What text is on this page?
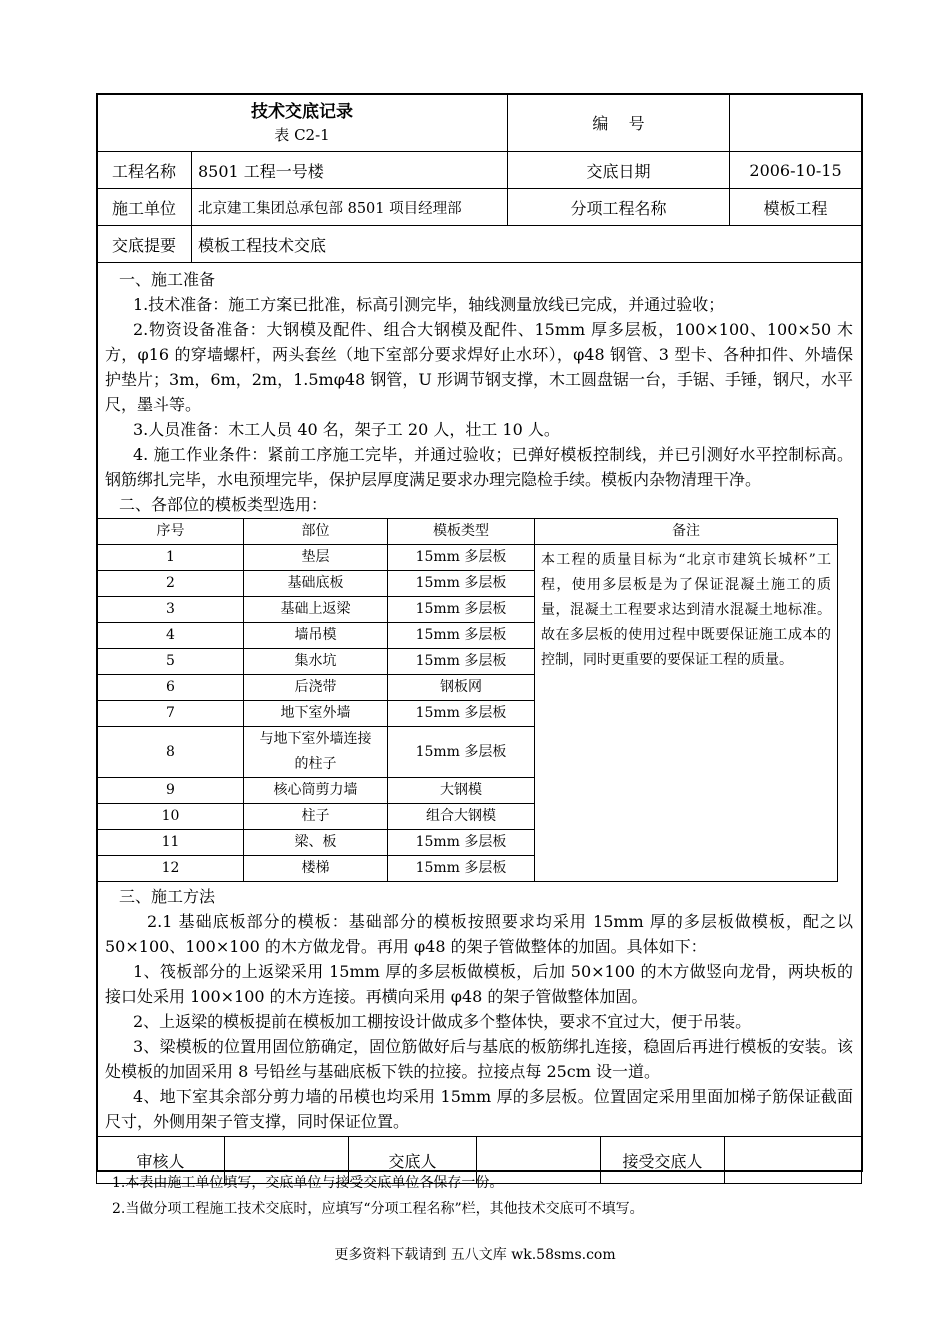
技术交底记录
表 C2-1
	编    号	
工程名称	8501 工程一号楼	交底日期	2006-10-15
施工单位	北京建工集团总承包部 8501 项目经理部	分项工程名称	模板工程
交底提要	模板工程技术交底

一、施工准备

1.技术准备：施工方案已批准，标高引测完毕，轴线测量放线已完成，并通过验收；

2.物资设备准备：大钢模及配件、组合大钢模及配件、15mm 厚多层板，100×100、100×50 木方，φ16 的穿墙螺杆，两头套丝（地下室部分要求焊好止水环），φ48 钢管、3 型卡、各种扣件、外墙保护垫片；3m，6m，2m，1.5mφ48 钢管，U 形调节钢支撑，木工圆盘锯一台，手锯、手锤，钢尺，水平尺，墨斗等。

3.人员准备：木工人员 40 名，架子工 20 人，壮工 10 人。

4. 施工作业条件：紧前工序施工完毕，并通过验收；已弹好模板控制线，并已引测好水平控制标高。钢筋绑扎完毕，水电预埋完毕，保护层厚度满足要求办理完隐检手续。模板内杂物清理干净。

二、各部位的模板类型选用：

序号	部位	模板类型	备注
1	垫层	15mm 多层板	本工程的质量目标为“北京市建筑长城杯”工程，使用多层板是为了保证混凝土施工的质量，混凝土工程要求达到清水混凝土地标准。故在多层板的使用过程中既要保证施工成本的控制，同时更重要的要保证工程的质量。
2	基础底板	15mm 多层板
3	基础上返梁	15mm 多层板
4	墙吊模	15mm 多层板
5	集水坑	15mm 多层板
6	后浇带	钢板网
7	地下室外墙	15mm 多层板
8	与地下室外墙连接的柱子	15mm 多层板
9	核心筒剪力墙	大钢模
10	柱子	组合大钢模
11	梁、板	15mm 多层板
12	楼梯	15mm 多层板

三、施工方法

2.1 基础底板部分的模板：基础部分的模板按照要求均采用 15mm 厚的多层板做模板，配之以 50×100、100×100 的木方做龙骨。再用 φ48 的架子管做整体的加固。具体如下：

1、筏板部分的上返梁采用 15mm 厚的多层板做模板，后加 50×100 的木方做竖向龙骨，两块板的接口处采用 100×100 的木方连接。再横向采用 φ48 的架子管做整体加固。

2、上返梁的模板提前在模板加工棚按设计做成多个整体快，要求不宜过大，便于吊装。

3、梁模板的位置用固位筋确定，固位筋做好后与基底的板筋绑扎连接，稳固后再进行模板的安装。该处模板的加固采用 8 号铅丝与基础底板下铁的拉接。拉接点每 25cm 设一道。

4、地下室其余部分剪力墙的吊模也均采用 15mm 厚的多层板。位置固定采用里面加梯子筋保证截面尺寸，外侧用架子管支撑，同时保证位置。

审核人		交底人		接受交底人	

1.本表由施工单位填写，交底单位与接受交底单位各保存一份。

2.当做分项工程施工技术交底时，应填写“分项工程名称”栏，其他技术交底可不填写。

更多资料下载请到 五八文库 wk.58sms.com
